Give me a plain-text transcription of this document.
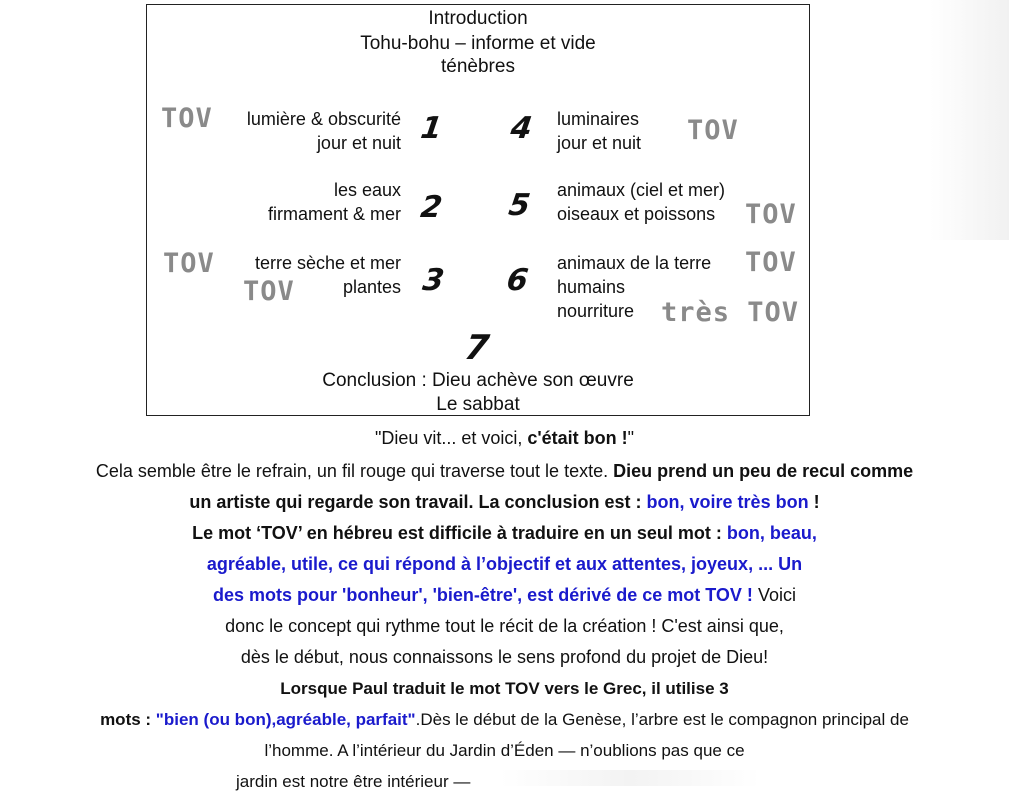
Introduction
Tohu-bohu – informe et vide
ténèbres
TOV lumière & obscurité
jour et nuit 1
les eaux
firmament & mer 2
TOV
TOV
terre sèche et mer
plantes 3
4 luminaires
jour et nuit TOV
5 animaux (ciel et mer)
oiseaux et poissons	TOV
6 animaux de la terre
humains
nourriture
TOV
très TOV
7
Conclusion : Dieu achève son œuvre
Le sabbat
"Dieu vit... et voici, c'était bon !"
Cela semble être le refrain, un fil rouge qui traverse tout le texte. Dieu prend un peu de recul comme
un artiste qui regarde son travail. La conclusion est : bon, voire très bon !
Le mot ‘TOV’ en hébreu est difficile à traduire en un seul mot : bon, beau,
agréable, utile, ce qui répond à l’objectif et aux attentes, joyeux, ... Un
des mots pour 'bonheur', 'bien-être', est dérivé de ce mot TOV ! Voici
donc le concept qui rythme tout le récit de la création ! C'est ainsi que,
dès le début, nous connaissons le sens profond du projet de Dieu!
Lorsque Paul traduit le mot TOV vers le Grec, il utilise 3
mots : "bien (ou bon),agréable, parfait".Dès le début de la Genèse, l’arbre est le compagnon principal de
l’homme. A l’intérieur du Jardin d’Éden — n’oublions pas que ce
jardin est notre être intérieur —
